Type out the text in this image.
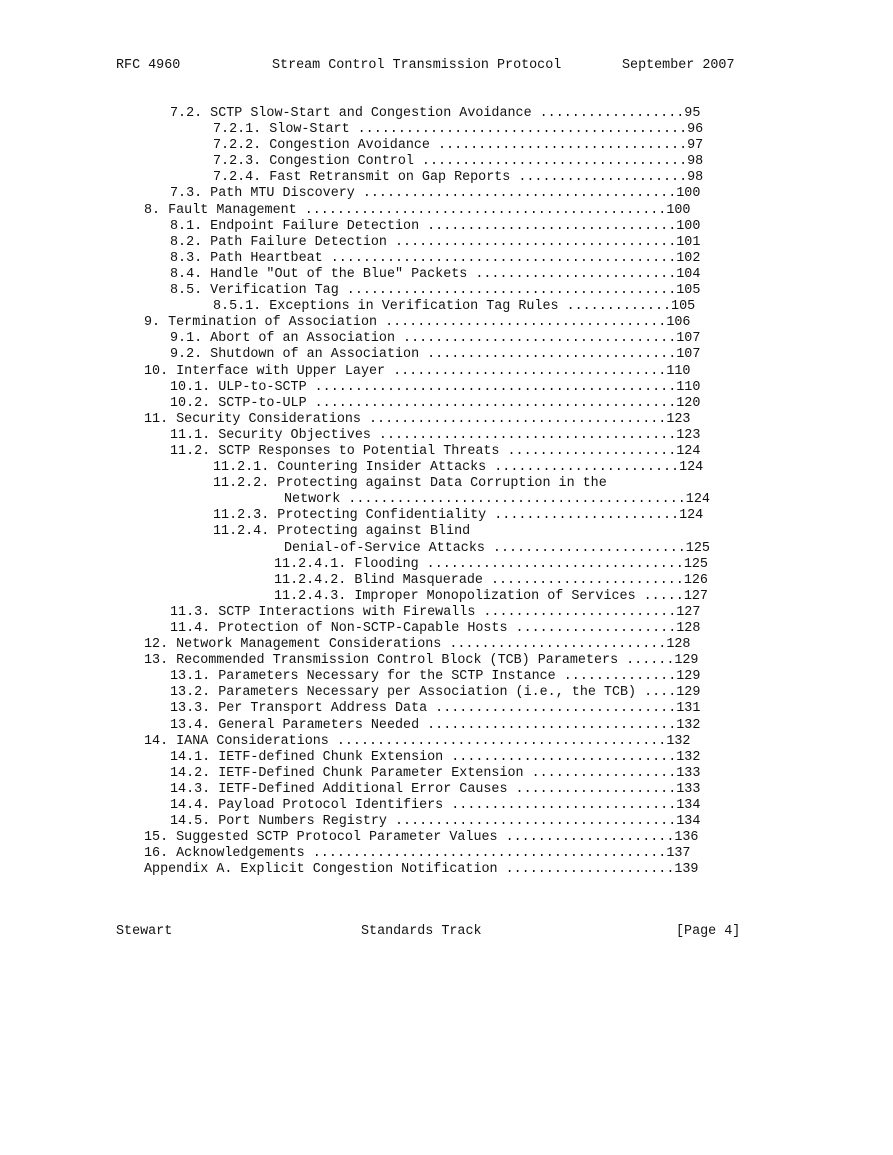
RFC 4960	Stream Control Transmission Protocol	September 2007
7.2. SCTP Slow-Start and Congestion Avoidance ..................95
7.2.1. Slow-Start .........................................96
7.2.2. Congestion Avoidance ...............................97
7.2.3. Congestion Control .................................98
7.2.4. Fast Retransmit on Gap Reports .....................98
7.3. Path MTU Discovery .......................................100
8. Fault Management .............................................100
8.1. Endpoint Failure Detection ...............................100
8.2. Path Failure Detection ...................................101
8.3. Path Heartbeat ...........................................102
8.4. Handle "Out of the Blue" Packets .........................104
8.5. Verification Tag .........................................105
8.5.1. Exceptions in Verification Tag Rules .............105
9. Termination of Association ...................................106
9.1. Abort of an Association ..................................107
9.2. Shutdown of an Association ...............................107
10. Interface with Upper Layer ..................................110
10.1. ULP-to-SCTP .............................................110
10.2. SCTP-to-ULP .............................................120
11. Security Considerations .....................................123
11.1. Security Objectives .....................................123
11.2. SCTP Responses to Potential Threats .....................124
11.2.1. Countering Insider Attacks .......................124
11.2.2. Protecting against Data Corruption in the
Network ..........................................124
11.2.3. Protecting Confidentiality .......................124
11.2.4. Protecting against Blind
Denial-of-Service Attacks ........................125
11.2.4.1. Flooding ................................125
11.2.4.2. Blind Masquerade ........................126
11.2.4.3. Improper Monopolization of Services .....127
11.3. SCTP Interactions with Firewalls ........................127
11.4. Protection of Non-SCTP-Capable Hosts ....................128
12. Network Management Considerations ...........................128
13. Recommended Transmission Control Block (TCB) Parameters ......129
13.1. Parameters Necessary for the SCTP Instance ..............129
13.2. Parameters Necessary per Association (i.e., the TCB) ....129
13.3. Per Transport Address Data ..............................131
13.4. General Parameters Needed ...............................132
14. IANA Considerations .........................................132
14.1. IETF-defined Chunk Extension ............................132
14.2. IETF-Defined Chunk Parameter Extension ..................133
14.3. IETF-Defined Additional Error Causes ....................133
14.4. Payload Protocol Identifiers ............................134
14.5. Port Numbers Registry ...................................134
15. Suggested SCTP Protocol Parameter Values .....................136
16. Acknowledgements ............................................137
Appendix A. Explicit Congestion Notification .....................139
Stewart	Standards Track	[Page 4]
